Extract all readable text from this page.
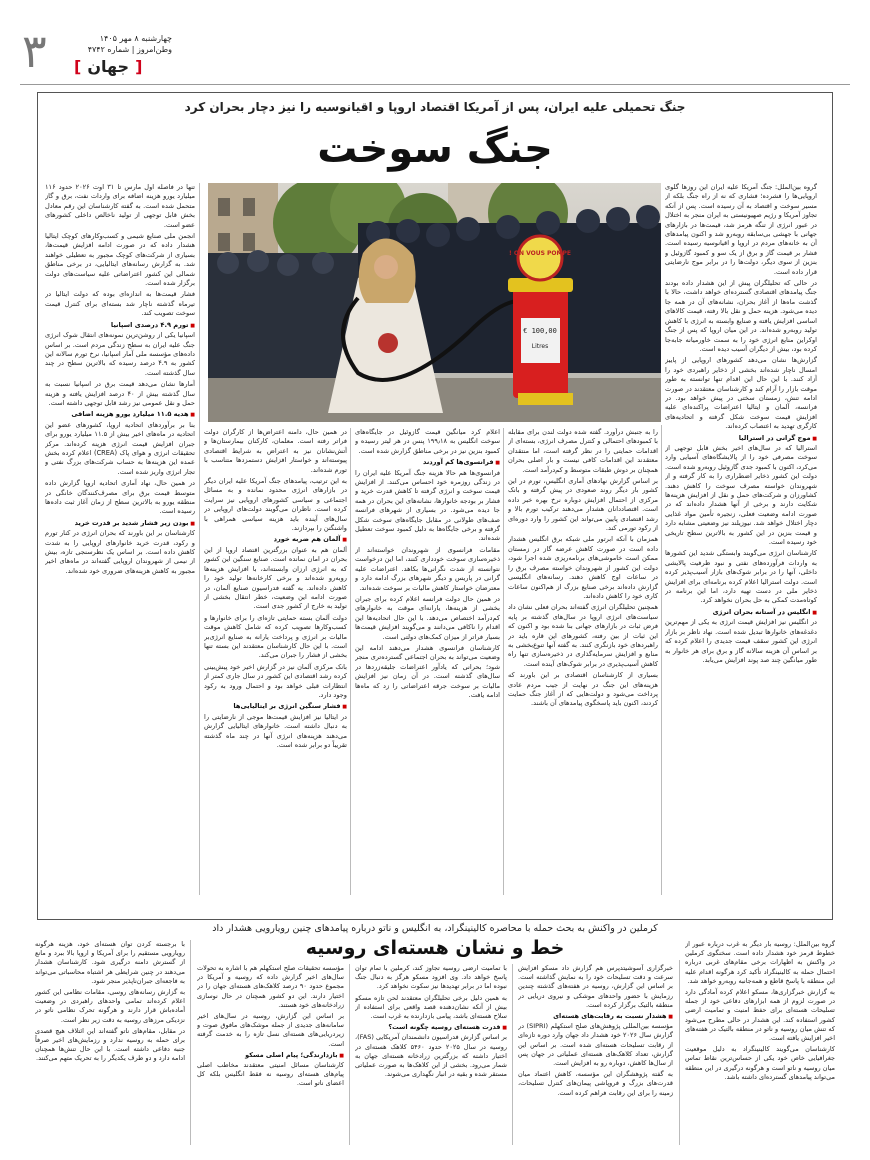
۳	چهارشنبه ۸ مهر ۱۴۰۵
وطن‌امروز | شماره ۴۷۴۲
[
جهان
]
جنگ تحمیلی علیه ایران، پس از آمریکا اقتصاد اروپا و اقیانوسیه را نیز دچار بحران کرد
جنگ سوخت

گروه بین‌الملل: جنگ آمریکا علیه ایران این روزها گلوی اروپایی‌ها را فشرده؛ فشاری که نه از راه جنگ بلکه از مسیر سوخت و اقتصاد به آن رسیده است. پس از آنکه تجاوز آمریکا و رژیم صهیونیستی به ایران منجر به اختلال در عبور انرژی از تنگه هرمز شد، قیمت‌ها در بازارهای جهانی با جهشی بی‌سابقه روبه‌رو شد و اکنون پیامدهای آن به خانه‌های مردم در اروپا و اقیانوسیه رسیده است. فشار بر قیمت گاز و برق از یک سو و کمبود گازوئیل و بنزین از سوی دیگر، دولت‌ها را در برابر موج نارضایتی قرار داده است.

در حالی که تحلیلگران پیش از این هشدار داده بودند جنگ پیامدهای اقتصادی گسترده‌ای خواهد داشت، حالا با گذشت ماه‌ها از آغاز بحران، نشانه‌های آن در همه جا دیده می‌شود. هزینه حمل و نقل بالا رفته، قیمت کالاهای اساسی افزایش یافته و صنایع وابسته به انرژی با کاهش تولید روبه‌رو شده‌اند. در این میان اروپا که پس از جنگ اوکراین منابع انرژی خود را به سمت خاورمیانه جابه‌جا کرده بود، بیش از دیگران آسیب دیده است.

گزارش‌ها نشان می‌دهد کشورهای اروپایی از پاییز امسال ناچار شده‌اند بخشی از ذخایر راهبردی خود را آزاد کنند. با این حال این اقدام تنها توانسته به طور موقت بازار را آرام کند و کارشناسان معتقدند در صورت ادامه تنش، زمستان سختی در پیش خواهد بود. در فرانسه، آلمان و ایتالیا اعتراضات پراکنده‌ای علیه افزایش قیمت سوخت شکل گرفته و اتحادیه‌های کارگری تهدید به اعتصاب کرده‌اند.

■ موج گرانی در استرالیا

استرالیا که در سال‌های اخیر بخش قابل توجهی از سوخت مصرفی خود را از پالایشگاه‌های آسیایی وارد می‌کرد، اکنون با کمبود جدی گازوئیل روبه‌رو شده است. دولت این کشور ذخایر اضطراری را به کار گرفته و از شهروندان خواسته مصرف سوخت را کاهش دهند. کشاورزان و شرکت‌های حمل و نقل از افزایش هزینه‌ها شکایت دارند و برخی از آنها هشدار داده‌اند که در صورت ادامه وضعیت فعلی، زنجیره تأمین مواد غذایی دچار اختلال خواهد شد. نیوزیلند نیز وضعیتی مشابه دارد و قیمت بنزین در این کشور به بالاترین سطح تاریخی خود رسیده است.

کارشناسان انرژی می‌گویند وابستگی شدید این کشورها به واردات فرآورده‌های نفتی و نبود ظرفیت پالایشی داخلی، آنها را در برابر شوک‌های بازار آسیب‌پذیر کرده است. دولت استرالیا اعلام کرده برنامه‌ای برای افزایش ذخایر ملی در دست تهیه دارد، اما این برنامه در کوتاه‌مدت کمکی به حل بحران نخواهد کرد.

■ انگلیس در آستانه بحران انرژی

در انگلیس نیز افزایش قیمت انرژی به یکی از مهم‌ترین دغدغه‌های خانوارها تبدیل شده است. نهاد ناظر بر بازار انرژی این کشور سقف قیمت جدیدی را اعلام کرده که بر اساس آن هزینه سالانه گاز و برق برای هر خانوار به طور میانگین چند صد پوند افزایش می‌یابد.

را به جنبش درآورد. گفته شده دولت لندن برای مقابله با کمبودهای احتمالی و کنترل مصرف انرژی، بسته‌ای از اقدامات حمایتی را در نظر گرفته است، اما منتقدان معتقدند این اقدامات کافی نیست و بار اصلی بحران همچنان بر دوش طبقات متوسط و کم‌درآمد است.

بر اساس گزارش نهادهای آماری انگلیس، تورم در این کشور بار دیگر روند صعودی در پیش گرفته و بانک مرکزی از احتمال افزایش دوباره نرخ بهره خبر داده است. اقتصاددانان هشدار می‌دهند ترکیب تورم بالا و رشد اقتصادی پایین می‌تواند این کشور را وارد دوره‌ای از رکود تورمی کند.

همزمان با آنکه ابرتور ملی شبکه برق انگلیس هشدار داده است در صورت کاهش عرضه گاز در زمستان ممکن است خاموشی‌های برنامه‌ریزی شده اجرا شود، دولت این کشور از شهروندان خواسته مصرف برق را در ساعات اوج کاهش دهند. رسانه‌های انگلیسی گزارش داده‌اند برخی صنایع بزرگ از هم‌اکنون ساعات کاری خود را کاهش داده‌اند.

همچنین تحلیلگران انرژی گفته‌اند بحران فعلی نشان داد سیاست‌های انرژی اروپا در سال‌های گذشته بر پایه فرض ثبات در بازارهای جهانی بنا شده بود و اکنون که این ثبات از بین رفته، کشورهای این قاره باید در راهبردهای خود بازنگری کنند. به گفته آنها تنوع‌بخشی به منابع و افزایش سرمایه‌گذاری در ذخیره‌سازی تنها راه کاهش آسیب‌پذیری در برابر شوک‌های آینده است.

بسیاری از کارشناسان اقتصادی بر این باورند که هزینه‌های این جنگ در نهایت از جیب مردم عادی پرداخت می‌شود و دولت‌هایی که از آغاز جنگ حمایت کردند، اکنون باید پاسخگوی پیامدهای آن باشند.

اعلام کرد میانگین قیمت گازوئیل در جایگاه‌های سوخت انگلیس به ۱۹۹٫۱۸ پنس در هر لیتر رسیده و کمبود بنزین نیز در برخی مناطق گزارش شده است.

■ فرانسوی‌ها کم آوردند

فرانسوی‌ها هم حالا هزینه جنگ آمریکا علیه ایران را در زندگی روزمره خود احساس می‌کنند. از افزایش قیمت سوخت و انرژی گرفته تا کاهش قدرت خرید و فشار بر بودجه خانوارها، نشانه‌های این بحران در همه جا دیده می‌شود. در بسیاری از شهرهای فرانسه صف‌های طولانی در مقابل جایگاه‌های سوخت شکل گرفته و برخی جایگاه‌ها به دلیل کمبود سوخت تعطیل شده‌اند.

مقامات فرانسوی از شهروندان خواسته‌اند از ذخیره‌سازی سوخت خودداری کنند، اما این درخواست نتوانسته از شدت نگرانی‌ها بکاهد. اعتراضات علیه گرانی در پاریس و دیگر شهرهای بزرگ ادامه دارد و معترضان خواستار کاهش مالیات بر سوخت شده‌اند.

در همین حال دولت فرانسه اعلام کرده برای جبران بخشی از هزینه‌ها، یارانه‌ای موقت به خانوارهای کم‌درآمد اختصاص می‌دهد. با این حال اتحادیه‌ها این اقدام را ناکافی می‌دانند و می‌گویند افزایش قیمت‌ها بسیار فراتر از میزان کمک‌های دولتی است.

کارشناسان فرانسوی هشدار می‌دهند ادامه این وضعیت می‌تواند به بحران اجتماعی گسترده‌تری منجر شود؛ بحرانی که یادآور اعتراضات جلیقه‌زردها در سال‌های گذشته است. در آن زمان نیز افزایش مالیات بر سوخت جرقه اعتراضاتی را زد که ماه‌ها ادامه یافت.

در همین حال، دامنه اعتراض‌ها از کارگران دولت فراتر رفته است. معلمان، کارکنان بیمارستان‌ها و آتش‌نشانان نیز به اعتراض به شرایط اقتصادی پیوسته‌اند و خواستار افزایش دستمزدها متناسب با تورم شده‌اند.

به این ترتیب، پیامدهای جنگ آمریکا علیه ایران دیگر در بازارهای انرژی محدود نمانده و به مسائل اجتماعی و سیاسی کشورهای اروپایی نیز سرایت کرده است. ناظران می‌گویند دولت‌های اروپایی در سال‌های آینده باید هزینه سیاسی همراهی با واشنگتن را بپردازند.

■ آلمان هم ضربه خورد

آلمان هم به عنوان بزرگترین اقتصاد اروپا از این بحران در امان نمانده است. صنایع سنگین این کشور که به انرژی ارزان وابسته‌اند، با افزایش هزینه‌ها روبه‌رو شده‌اند و برخی کارخانه‌ها تولید خود را کاهش داده‌اند. به گفته فدراسیون صنایع آلمان، در صورت ادامه این وضعیت، خطر انتقال بخشی از تولید به خارج از کشور جدی است.

دولت آلمان بسته حمایتی تازه‌ای را برای خانوارها و کسب‌وکارها تصویب کرده که شامل کاهش موقت مالیات بر انرژی و پرداخت یارانه به صنایع انرژی‌بر است. با این حال کارشناسان معتقدند این بسته تنها بخشی از فشار را جبران می‌کند.

بانک مرکزی آلمان نیز در گزارش اخیر خود پیش‌بینی کرده رشد اقتصادی این کشور در سال جاری کمتر از انتظارات قبلی خواهد بود و احتمال ورود به رکود وجود دارد.

■ فشار سنگین انرژی بر ایتالیایی‌ها

در ایتالیا نیز افزایش قیمت‌ها موجی از نارضایتی را به دنبال داشته است. خانوارهای ایتالیایی گزارش می‌دهند هزینه‌های انرژی آنها در چند ماه گذشته تقریباً دو برابر شده است.

تنها در فاصله اول مارس تا ۳۱ اوت ۲۰۲۶ حدود ۱۱۶ میلیارد یورو هزینه اضافه برای واردات نفت، برق و گاز متحمل شده است. به گفته کارشناسان این رقم معادل بخش قابل توجهی از تولید ناخالص داخلی کشورهای عضو است.

انجمن ملی صنایع شیمی و کسب‌وکارهای کوچک ایتالیا هشدار داده که در صورت ادامه افزایش قیمت‌ها، بسیاری از شرکت‌های کوچک مجبور به تعطیلی خواهند شد. به گزارش رسانه‌های ایتالیایی، در برخی مناطق شمالی این کشور اعتراضاتی علیه سیاست‌های دولت برگزار شده است.

فشار قیمت‌ها به اندازه‌ای بوده که دولت ایتالیا در تیرماه گذشته ناچار شد بسته‌ای برای کنترل قیمت سوخت تصویب کند.

■ تورم ۴.۹ درصدی اسپانیا

اسپانیا یکی از روشن‌ترین نمونه‌های انتقال شوک انرژی جنگ علیه ایران به سطح زندگی مردم است. بر اساس داده‌های مؤسسه ملی آمار اسپانیا، نرخ تورم سالانه این کشور به ۴.۹ درصد رسیده که بالاترین سطح در چند سال گذشته است.

آمارها نشان می‌دهد قیمت برق در اسپانیا نسبت به سال گذشته بیش از ۴۰ درصد افزایش یافته و هزینه حمل و نقل عمومی نیز رشد قابل توجهی داشته است.

■ هدیه ۱۱.۵ میلیارد یورو هزینه اضافی

بنا بر برآوردهای اتحادیه اروپا، کشورهای عضو این اتحادیه در ماه‌های اخیر بیش از ۱۱.۵ میلیارد یورو برای جبران افزایش قیمت انرژی هزینه کرده‌اند. مرکز تحقیقات انرژی و هوای پاک (CREA) اعلام کرده بخش عمده این هزینه‌ها به حساب شرکت‌های بزرگ نفتی و تجار انرژی واریز شده است.

در همین حال، نهاد آماری اتحادیه اروپا گزارش داده متوسط قیمت برق برای مصرف‌کنندگان خانگی در منطقه یورو به بالاترین سطح از زمان آغاز ثبت داده‌ها رسیده است.

■ بودن زیر فشار شدید بر قدرت خرید

کارشناسان بر این باورند که بحران انرژی در کنار تورم و رکود، قدرت خرید خانوارهای اروپایی را به شدت کاهش داده است. بر اساس یک نظرسنجی تازه، بیش از نیمی از شهروندان اروپایی گفته‌اند در ماه‌های اخیر مجبور به کاهش هزینه‌های ضروری خود شده‌اند.

ON VOUS POMPE !
100,00 €
Litres
کرملین در واکنش به بحث حمله با محاصره کالینینگراد، به انگلیس و ناتو درباره پیامدهای چنین رویارویی هشدار داد
خط و نشان هسته‌ای روسیه	گروه بین‌الملل: روسیه بار دیگر به غرب درباره عبور از خطوط قرمز خود هشدار داده است. سخنگوی کرملین در واکنش به اظهارات برخی مقام‌های غربی درباره احتمال حمله به کالینینگراد تأکید کرد هرگونه اقدام علیه این منطقه با پاسخ قاطع و همه‌جانبه روبه‌رو خواهد شد.

به گزارش خبرگزاری‌ها، مسکو اعلام کرده آمادگی دارد در صورت لزوم از همه ابزارهای دفاعی خود از جمله تسلیحات هسته‌ای برای حفظ امنیت و تمامیت ارضی کشور استفاده کند. این هشدار در حالی مطرح می‌شود که تنش میان روسیه و ناتو در منطقه بالتیک در هفته‌های اخیر افزایش یافته است.

کارشناسان می‌گویند کالینینگراد به دلیل موقعیت جغرافیایی خاص خود یکی از حساس‌ترین نقاط تماس میان روسیه و ناتو است و هرگونه درگیری در این منطقه می‌تواند پیامدهای گسترده‌ای داشته باشد.

خبرگزاری آسوشیتدپرس هم گزارش داد مسکو افزایش سرعت و دقت تسلیحات خود را به نمایش گذاشته است. بر اساس این گزارش، روسیه در هفته‌های گذشته چندین رزمایش با حضور واحدهای موشکی و نیروی دریایی در منطقه بالتیک برگزار کرده است.

■ هشدار نسبت به رقابت‌های هسته‌ای

مؤسسه بین‌المللی پژوهش‌های صلح استکهلم (SIPRI) در گزارش سال ۲۰۲۶ خود هشدار داد جهان وارد دوره تازه‌ای از رقابت تسلیحات هسته‌ای شده است. بر اساس این گزارش، تعداد کلاهک‌های هسته‌ای عملیاتی در جهان پس از سال‌ها کاهش، دوباره رو به افزایش است.

به گفته پژوهشگران این مؤسسه، کاهش اعتماد میان قدرت‌های بزرگ و فروپاشی پیمان‌های کنترل تسلیحات، زمینه را برای این رقابت فراهم کرده است.

با تمامیت ارضی روسیه تجاوز کند، کرملین با تمام توان پاسخ خواهد داد. وی افزود مسکو هرگز به دنبال جنگ نبوده اما در برابر تهدیدها نیز سکوت نخواهد کرد.

به همین دلیل برخی تحلیلگران معتقدند لحن تازه مسکو بیش از آنکه نشان‌دهنده قصد واقعی برای استفاده از سلاح هسته‌ای باشد، پیامی بازدارنده به غرب است.

■ قدرت هسته‌ای روسیه چگونه است؟

بر اساس گزارش فدراسیون دانشمندان آمریکایی (FAS)، روسیه در سال ۲۰۲۵ حدود ۵۴۶۰ کلاهک هسته‌ای در اختیار داشته که بزرگترین زرادخانه هسته‌ای جهان به شمار می‌رود. بخشی از این کلاهک‌ها به صورت عملیاتی مستقر شده و بقیه در انبار نگهداری می‌شوند.

مؤسسه تحقیقات صلح استکهلم هم با اشاره به تحولات سال‌های اخیر گزارش داده که روسیه و آمریکا در مجموع حدود ۹۰ درصد کلاهک‌های هسته‌ای جهان را در اختیار دارند. این دو کشور همچنان در حال نوسازی زرادخانه‌های خود هستند.

بر اساس این گزارش، روسیه در سال‌های اخیر سامانه‌های جدیدی از جمله موشک‌های مافوق صوت و زیردریایی‌های هسته‌ای نسل تازه را به خدمت گرفته است.

■ بازدارندگی؛ پیام اصلی مسکو

کارشناسان مسائل امنیتی معتقدند مخاطب اصلی پیام‌های هسته‌ای روسیه نه فقط انگلیس بلکه کل اعضای ناتو است.

با برجسته کردن توان هسته‌ای خود، هزینه هرگونه رویارویی مستقیم را برای آمریکا و اروپا بالا ببرد و مانع از گسترش دامنه درگیری شود. کارشناسان هشدار می‌دهند در چنین شرایطی هر اشتباه محاسباتی می‌تواند به فاجعه‌ای جبران‌ناپذیر منجر شود.

به گزارش رسانه‌های روسی، مقامات نظامی این کشور اعلام کرده‌اند تمامی واحدهای راهبردی در وضعیت آماده‌باش قرار دارند و هرگونه تحرک نظامی ناتو در نزدیکی مرزهای روسیه به دقت زیر نظر است.

در مقابل، مقام‌های ناتو گفته‌اند این ائتلاف هیچ قصدی برای حمله به روسیه ندارد و رزمایش‌های اخیر صرفاً جنبه دفاعی داشته است. با این حال تنش‌ها همچنان ادامه دارد و دو طرف یکدیگر را به تحریک متهم می‌کنند.
